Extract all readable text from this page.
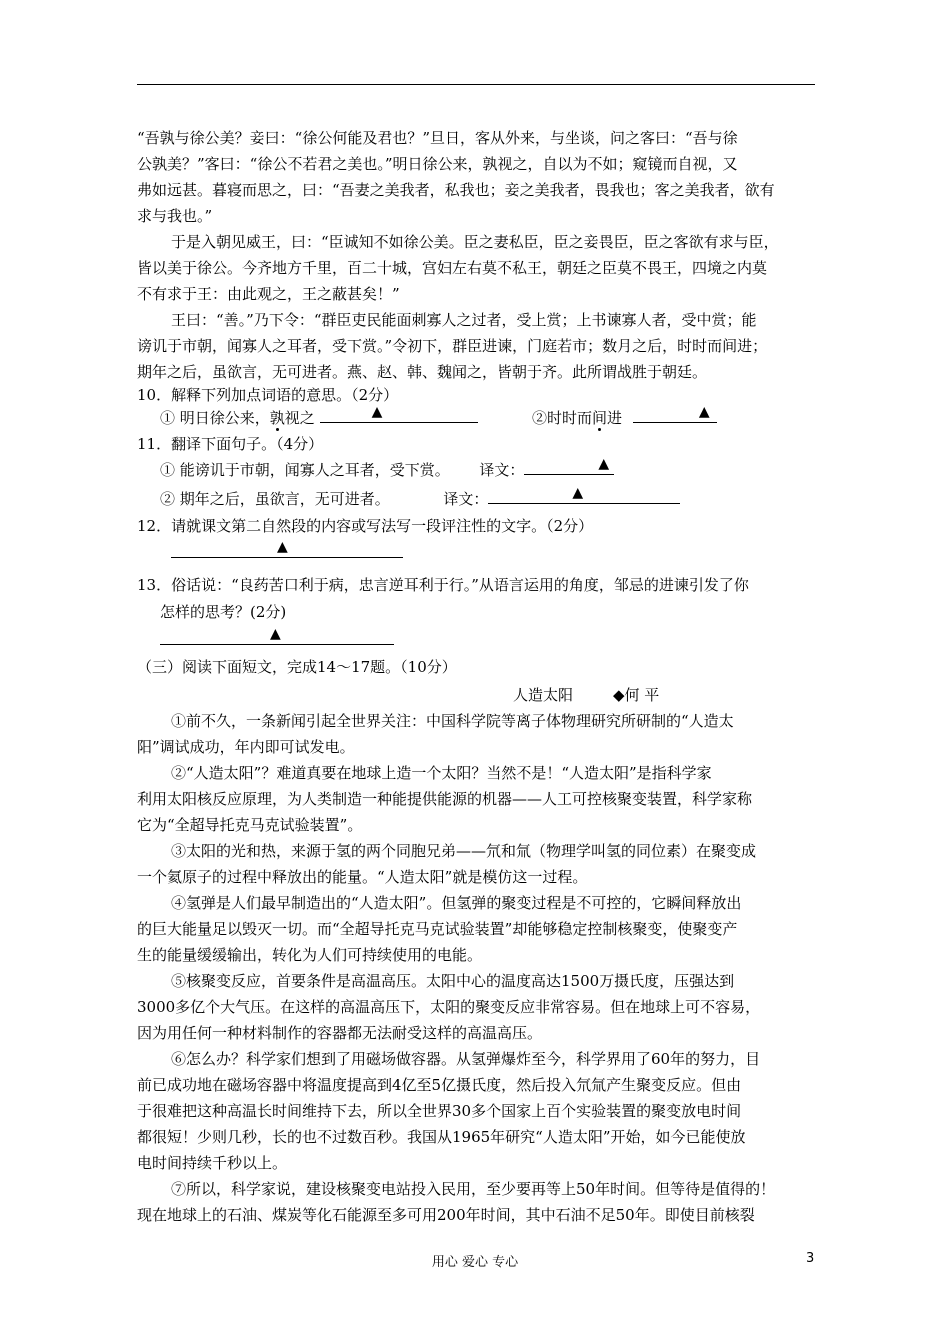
“吾孰与徐公美？妾曰：“徐公何能及君也？”旦日，客从外来，与坐谈，问之客曰：“吾与徐
公孰美？”客曰：“徐公不若君之美也。”明日徐公来，孰视之，自以为不如；窥镜而自视，又
弗如远甚。暮寝而思之，曰：“吾妻之美我者，私我也；妾之美我者，畏我也；客之美我者，欲有
求与我也。”
于是入朝见威王，曰：“臣诚知不如徐公美。臣之妻私臣，臣之妾畏臣，臣之客欲有求与臣，
皆以美于徐公。今齐地方千里，百二十城，宫妇左右莫不私王，朝廷之臣莫不畏王，四境之内莫
不有求于王：由此观之，王之蔽甚矣！”
王曰：“善。”乃下令：“群臣吏民能面刺寡人之过者，受上赏；上书谏寡人者，受中赏；能
谤讥于市朝，闻寡人之耳者，受下赏。”令初下，群臣进谏，门庭若市；数月之后，时时而间进；
期年之后，虽欲言，无可进者。燕、赵、韩、魏闻之，皆朝于齐。此所谓战胜于朝廷。
10．解释下列加点词语的意思。（2分）
① 明日徐公来，孰视之	▲	②时时而间进	▲
11．翻译下面句子。（4分）
① 能谤讥于市朝，闻寡人之耳者，受下赏。 译文：	▲
② 期年之后，虽欲言，无可进者。	译文：	▲
12．请就课文第二自然段的内容或写法写一段评注性的文字。（2分）
▲
13．俗话说：“良药苦口利于病，忠言逆耳利于行。”从语言运用的角度，邹忌的进谏引发了你
怎样的思考？(2分)
▲
（三）阅读下面短文，完成14～17题。（10分）
人造太阳	◆何 平
①前不久，一条新闻引起全世界关注：中国科学院等离子体物理研究所研制的“人造太
阳”调试成功，年内即可试发电。
②“人造太阳”？难道真要在地球上造一个太阳？当然不是！“人造太阳”是指科学家
利用太阳核反应原理，为人类制造一种能提供能源的机器——人工可控核聚变装置，科学家称
它为“全超导托克马克试验装置”。
③太阳的光和热，来源于氢的两个同胞兄弟——氘和氚（物理学叫氢的同位素）在聚变成
一个氦原子的过程中释放出的能量。“人造太阳”就是模仿这一过程。
④氢弹是人们最早制造出的“人造太阳”。但氢弹的聚变过程是不可控的，它瞬间释放出
的巨大能量足以毁灭一切。而“全超导托克马克试验装置”却能够稳定控制核聚变，使聚变产
生的能量缓缓输出，转化为人们可持续使用的电能。
⑤核聚变反应，首要条件是高温高压。太阳中心的温度高达1500万摄氏度，压强达到
3000多亿个大气压。在这样的高温高压下，太阳的聚变反应非常容易。但在地球上可不容易，
因为用任何一种材料制作的容器都无法耐受这样的高温高压。
⑥怎么办？科学家们想到了用磁场做容器。从氢弹爆炸至今，科学界用了60年的努力，目
前已成功地在磁场容器中将温度提高到4亿至5亿摄氏度，然后投入氘氚产生聚变反应。但由
于很难把这种高温长时间维持下去，所以全世界30多个国家上百个实验装置的聚变放电时间
都很短！少则几秒，长的也不过数百秒。我国从1965年研究“人造太阳”开始，如今已能使放
电时间持续千秒以上。
⑦所以，科学家说，建设核聚变电站投入民用，至少要再等上50年时间。但等待是值得的！
现在地球上的石油、煤炭等化石能源至多可用200年时间，其中石油不足50年。即使目前核裂
用心 爱心 专心	3
